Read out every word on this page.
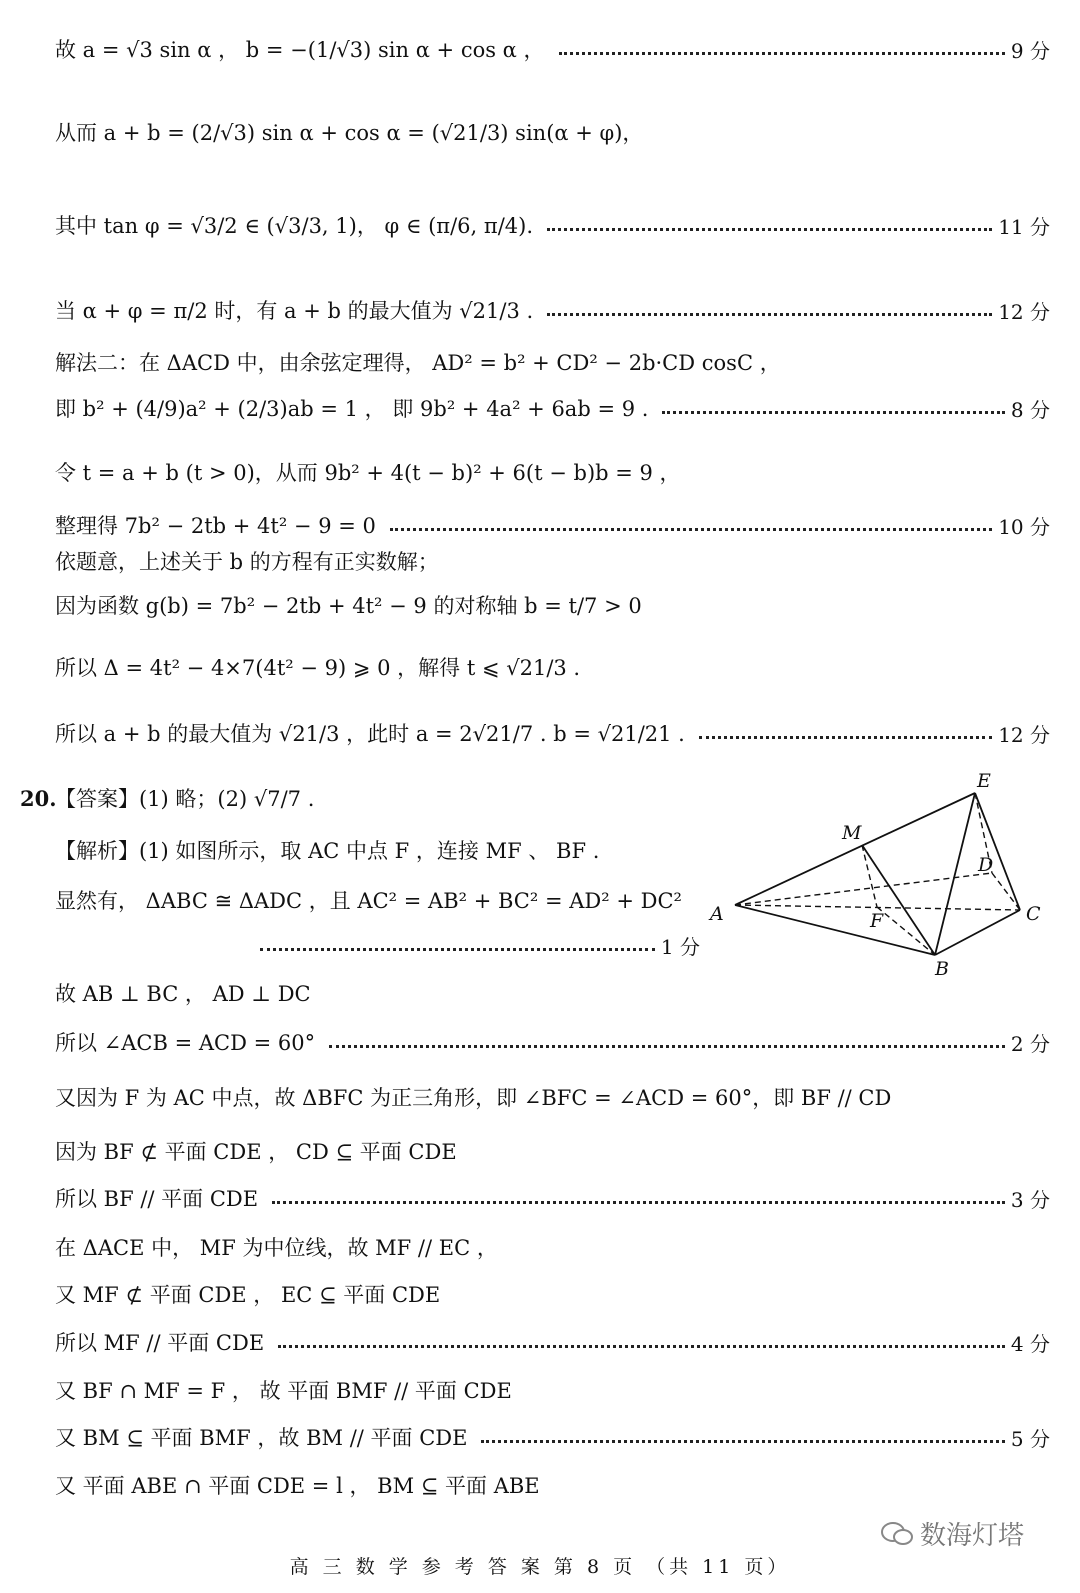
故 a = √3 sin α ， b = −(1/√3) sin α + cos α ，	9 分
从而 a + b = (2/√3) sin α + cos α = (√21/3) sin(α + φ)，
其中 tan φ = √3/2 ∈ (√3/3, 1)， φ ∈ (π/6, π/4).	11 分
当 α + φ = π/2 时，有 a + b 的最大值为 √21/3 .	12 分
解法二：在 ΔACD 中，由余弦定理得， AD² = b² + CD² − 2b·CD cosC ，
即 b² + (4/9)a² + (2/3)ab = 1 ， 即 9b² + 4a² + 6ab = 9 .	8 分
令 t = a + b (t > 0)，从而 9b² + 4(t − b)² + 6(t − b)b = 9 ，
整理得 7b² − 2tb + 4t² − 9 = 0	10 分
依题意，上述关于 b 的方程有正实数解；
因为函数 g(b) = 7b² − 2tb + 4t² − 9 的对称轴 b = t/7 > 0
所以 Δ = 4t² − 4×7(4t² − 9) ⩾ 0 ，解得 t ⩽ √21/3 .
所以 a + b 的最大值为 √21/3 ，此时 a = 2√21/7 . b = √21/21 .	12 分
20.
【答案】(1) 略；(2) √7/7 .
【解析】(1) 如图所示，取 AC 中点 F ，连接 MF 、 BF .
显然有， ΔABC ≅ ΔADC ，且 AC² = AB² + BC² = AD² + DC²
1 分
E
M
D
A	F	C
B
故 AB ⊥ BC ， AD ⊥ DC
所以 ∠ACB = ACD = 60°	2 分
又因为 F 为 AC 中点，故 ΔBFC 为正三角形，即 ∠BFC = ∠ACD = 60°，即 BF // CD
因为 BF ⊄ 平面 CDE ， CD ⊆ 平面 CDE
所以 BF // 平面 CDE	3 分
在 ΔACE 中， MF 为中位线，故 MF // EC ，
又 MF ⊄ 平面 CDE ， EC ⊆ 平面 CDE
所以 MF // 平面 CDE	4 分
又 BF ∩ MF = F ， 故 平面 BMF // 平面 CDE
又 BM ⊆ 平面 BMF ，故 BM // 平面 CDE	5 分
又 平面 ABE ∩ 平面 CDE = l ， BM ⊆ 平面 ABE
数海灯塔
高 三 数 学 参 考 答 案 第 8 页 （共 11 页）
